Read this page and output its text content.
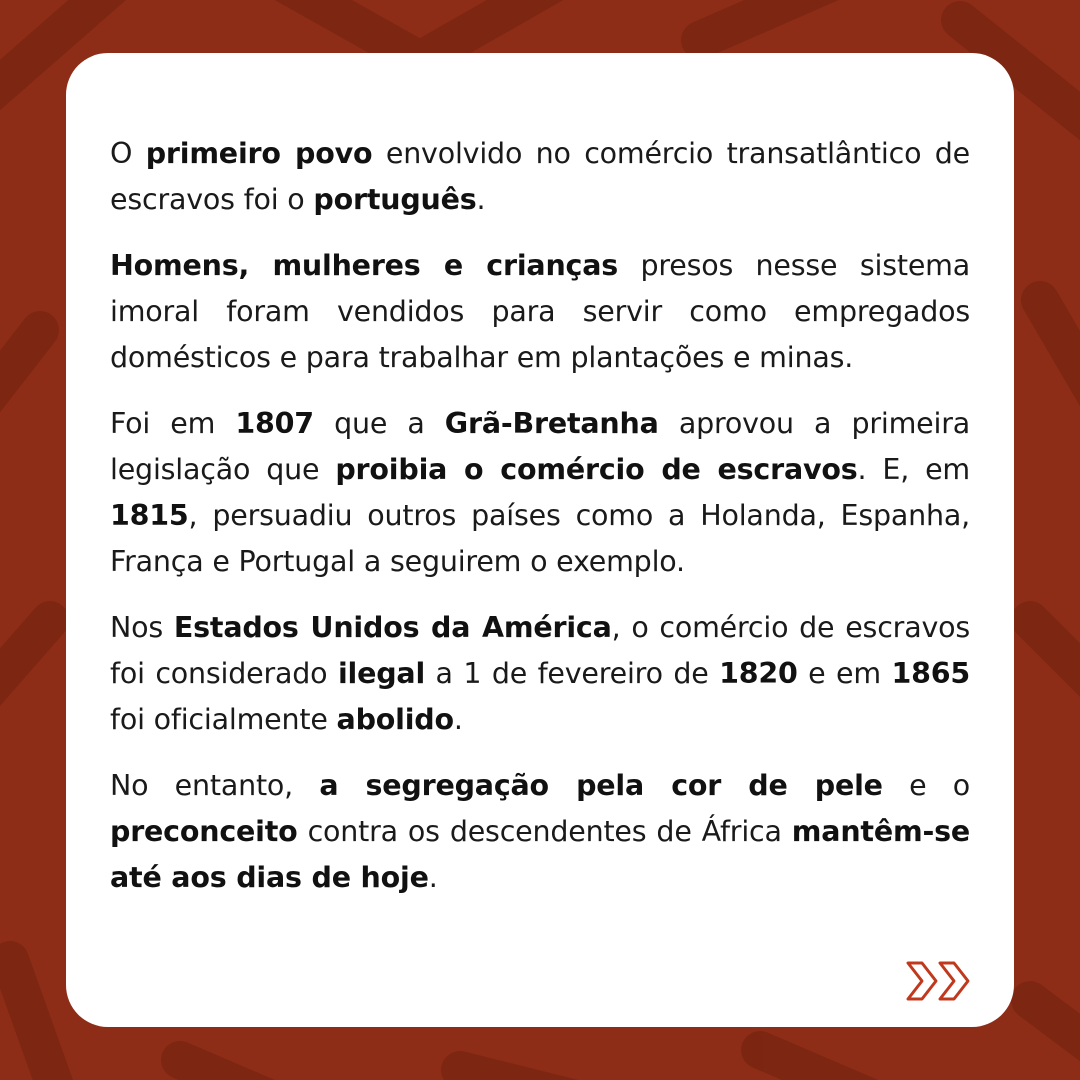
O primeiro povo envolvido no comércio transatlântico de escravos foi o português.

Homens, mulheres e crianças presos nesse sistema imoral foram vendidos para servir como empregados domésticos e para trabalhar em plantações e minas.

Foi em 1807 que a Grã-Bretanha aprovou a primeira legislação que proibia o comércio de escravos. E, em 1815, persuadiu outros países como a Holanda, Espanha, França e Portugal a seguirem o exemplo.

Nos Estados Unidos da América, o comércio de escravos foi considerado ilegal a 1 de fevereiro de 1820 e em 1865 foi oficialmente abolido.

No entanto, a segregação pela cor de pele e o preconceito contra os descendentes de África mantêm-se até aos dias de hoje.
